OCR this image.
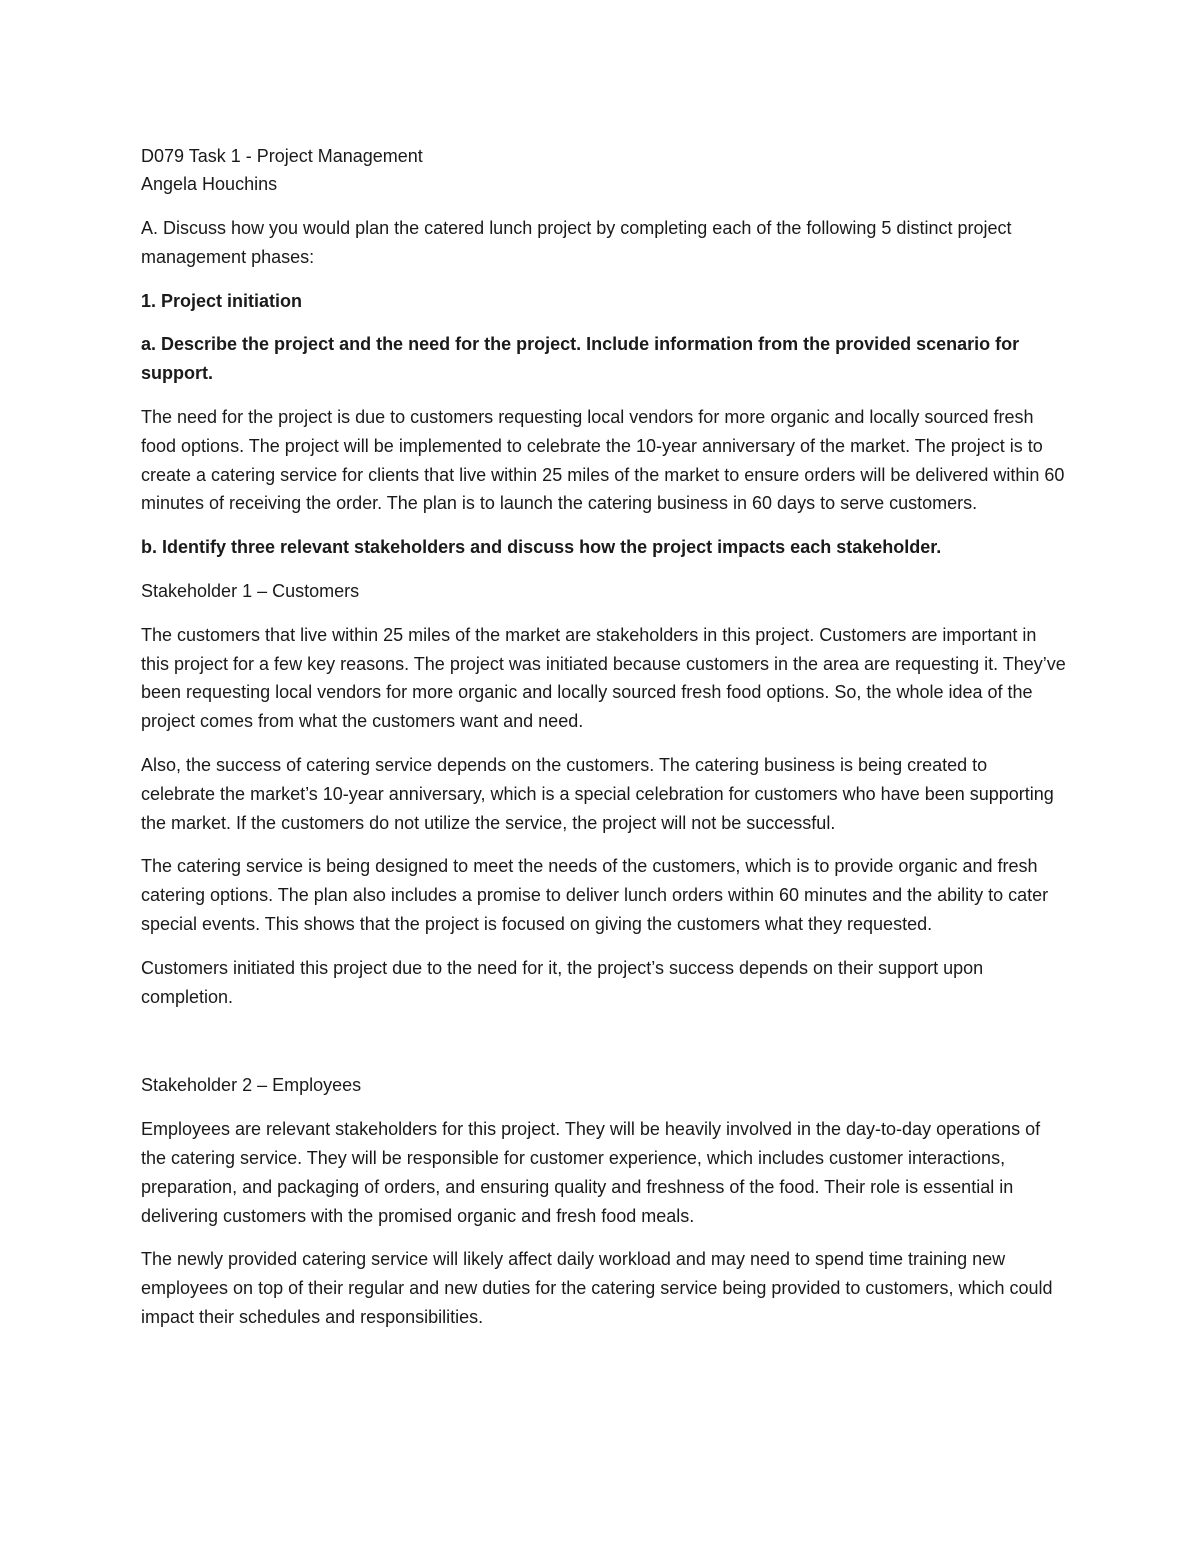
D079 Task 1 - Project Management

Angela Houchins

A. Discuss how you would plan the catered lunch project by completing each of the following 5 distinct project management phases:

1. Project initiation

a. Describe the project and the need for the project. Include information from the provided scenario for support.

The need for the project is due to customers requesting local vendors for more organic and locally sourced fresh food options. The project will be implemented to celebrate the 10-year anniversary of the market. The project is to create a catering service for clients that live within 25 miles of the market to ensure orders will be delivered within 60 minutes of receiving the order. The plan is to launch the catering business in 60 days to serve customers.

b. Identify three relevant stakeholders and discuss how the project impacts each stakeholder.

Stakeholder 1 – Customers

The customers that live within 25 miles of the market are stakeholders in this project. Customers are important in this project for a few key reasons. The project was initiated because customers in the area are requesting it. They’ve been requesting local vendors for more organic and locally sourced fresh food options. So, the whole idea of the project comes from what the customers want and need.

Also, the success of catering service depends on the customers. The catering business is being created to celebrate the market’s 10-year anniversary, which is a special celebration for customers who have been supporting the market. If the customers do not utilize the service, the project will not be successful.

The catering service is being designed to meet the needs of the customers, which is to provide organic and fresh catering options. The plan also includes a promise to deliver lunch orders within 60 minutes and the ability to cater special events. This shows that the project is focused on giving the customers what they requested.

Customers initiated this project due to the need for it, the project’s success depends on their support upon completion.

Stakeholder 2 – Employees

Employees are relevant stakeholders for this project. They will be heavily involved in the day-to-day operations of the catering service. They will be responsible for customer experience, which includes customer interactions, preparation, and packaging of orders, and ensuring quality and freshness of the food. Their role is essential in delivering customers with the promised organic and fresh food meals.

The newly provided catering service will likely affect daily workload and may need to spend time training new employees on top of their regular and new duties for the catering service being provided to customers, which could impact their schedules and responsibilities.
